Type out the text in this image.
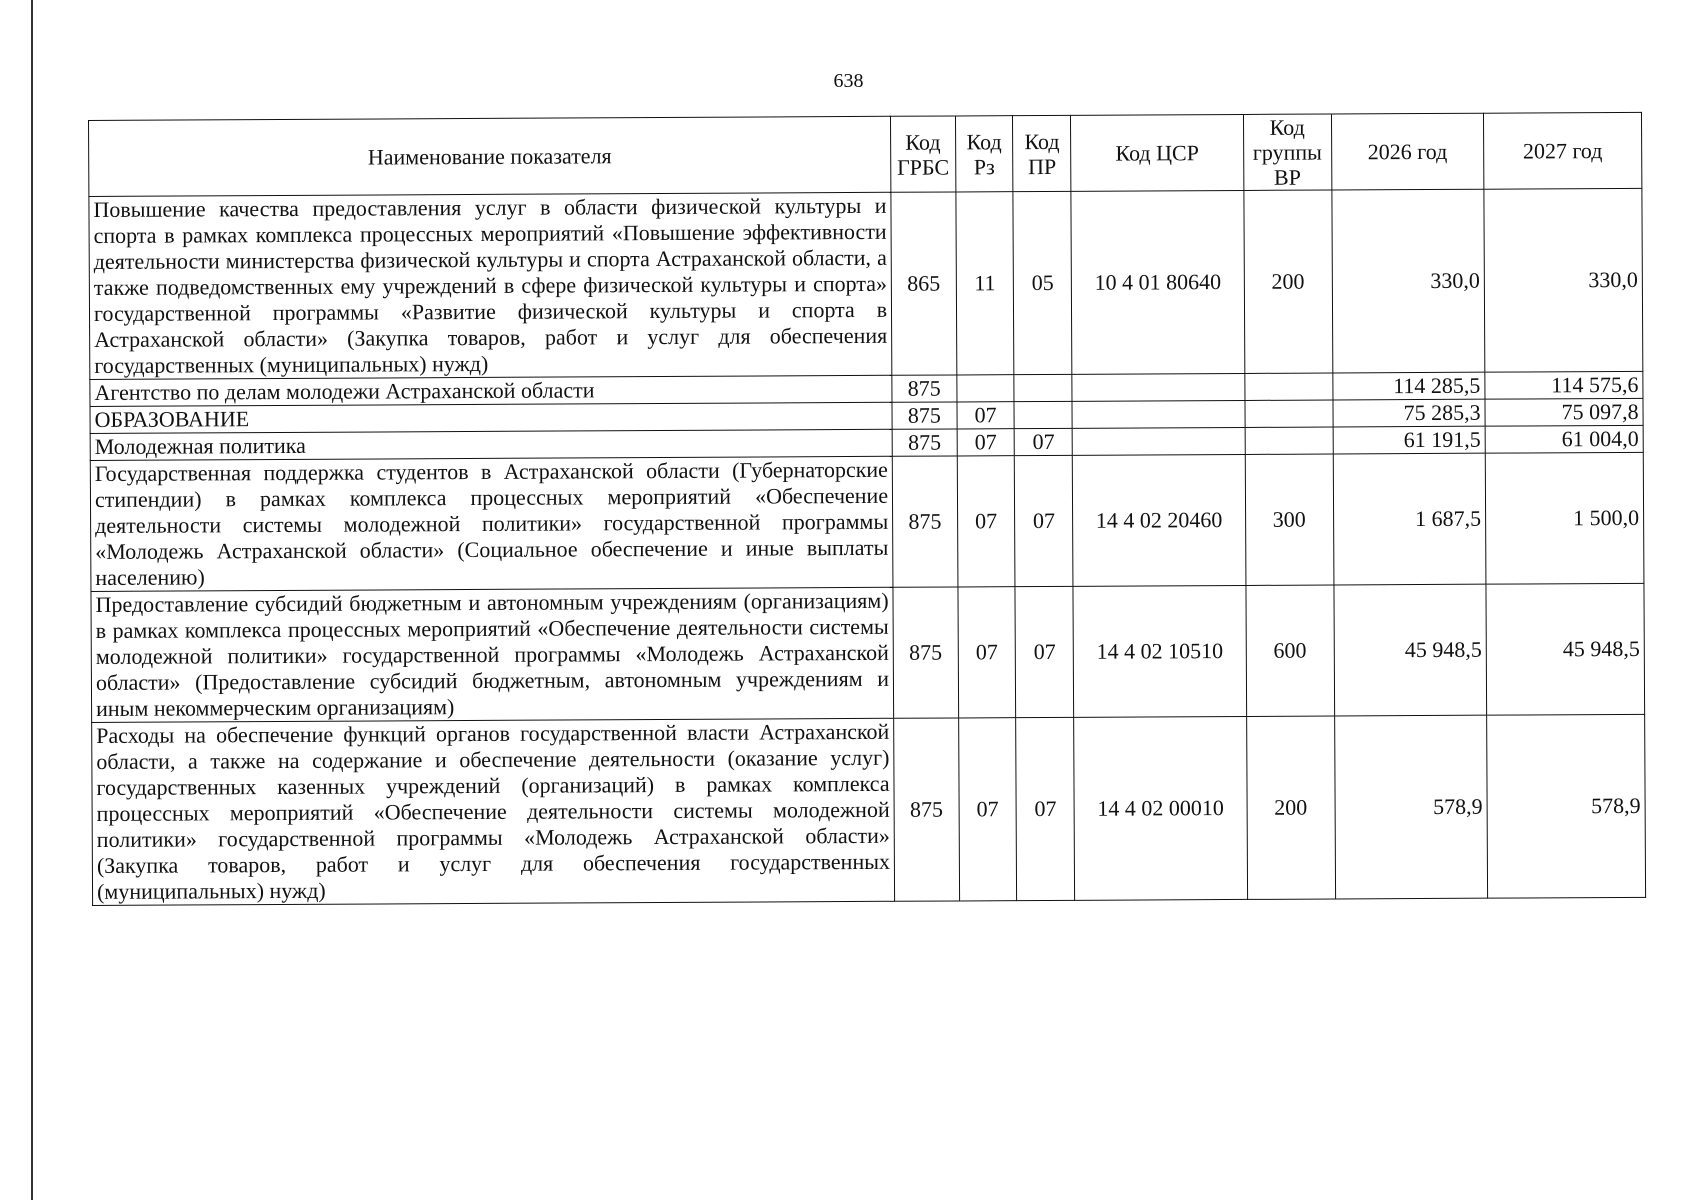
638
Наименование показателя	Код ГРБС	Код Рз	Код ПР	Код ЦСР	Код группы ВР	2026 год	2027 год
Повышение качества предоставления услуг в области физической культуры и спорта в рамках комплекса процессных мероприятий «Повышение эффективности деятельности министерства физической культуры и спорта Астраханской области, а также подведомственных ему учреждений в сфере физической культуры и спорта» государственной программы «Развитие физической культуры и спорта в Астраханской области» (Закупка товаров, работ и услуг для обеспечения государственных (муниципальных) нужд)	865	11	05	10 4 01 80640	200	330,0	330,0
Агентство по делам молодежи Астраханской области	875					114 285,5	114 575,6
ОБРАЗОВАНИЕ	875	07				75 285,3	75 097,8
Молодежная политика	875	07	07			61 191,5	61 004,0
Государственная поддержка студентов в Астраханской области (Губернаторские стипендии) в рамках комплекса процессных мероприятий «Обеспечение деятельности системы молодежной политики» государственной программы «Молодежь Астраханской области» (Социальное обеспечение и иные выплаты населению)	875	07	07	14 4 02 20460	300	1 687,5	1 500,0
Предоставление субсидий бюджетным и автономным учреждениям (организациям) в рамках комплекса процессных мероприятий «Обеспечение деятельности системы молодежной политики» государственной программы «Молодежь Астраханской области» (Предоставление субсидий бюджетным, автономным учреждениям и иным некоммерческим организациям)	875	07	07	14 4 02 10510	600	45 948,5	45 948,5
Расходы на обеспечение функций органов государственной власти Астраханской области, а также на содержание и обеспечение деятельности (оказание услуг) государственных казенных учреждений (организаций) в рамках комплекса процессных мероприятий «Обеспечение деятельности системы молодежной политики» государственной программы «Молодежь Астраханской области» (Закупка товаров, работ и услуг для обеспечения государственных (муниципальных) нужд)	875	07	07	14 4 02 00010	200	578,9	578,9
